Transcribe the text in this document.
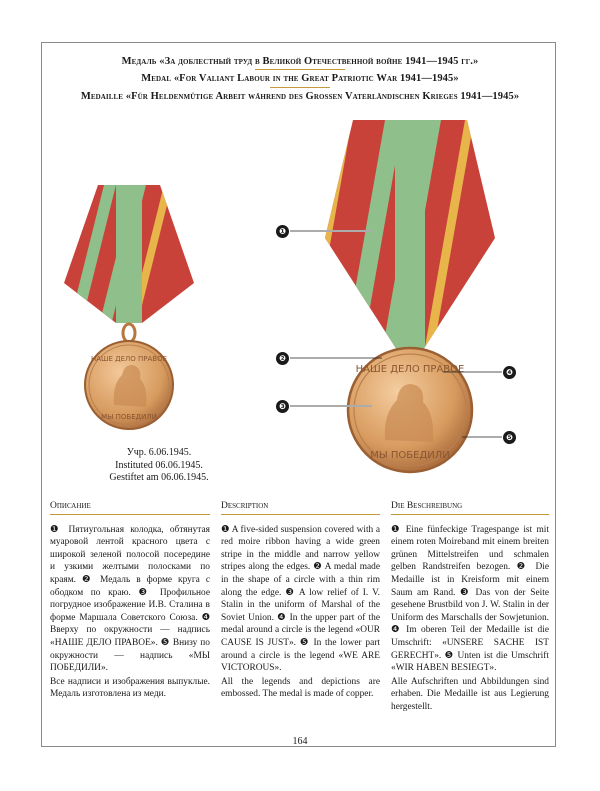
Медаль «За доблестный труд в Великой Отечественной войне 1941—1945 гг.»
Medal «For Valiant Labour in the Great Patriotic War 1941—1945»
Medaille «Für Heldenmütige Arbeit während des Grossen Vaterländischen Krieges 1941—1945»
НАШЕ ДЕЛО ПРАВОЕ
МЫ ПОБЕДИЛИ
Учр. 6.06.1945.
Instituted 06.06.1945.
Gestiftet am 06.06.1945.
НАШЕ ДЕЛО ПРАВОЕ
МЫ ПОБЕДИЛИ
❶
❷
❸
❹
❺
Описание

❶ Пятиугольная колодка, обтянутая муаровой лентой красного цвета с широкой зеленой полосой посередине и узкими желтыми полосками по краям. ❷ Медаль в форме круга с ободком по краю. ❸ Профильное погрудное изображение И.В. Сталина в форме Маршала Советского Союза. ❹ Вверху по окружности — надпись «НАШЕ ДЕЛО ПРАВОЕ». ❺ Внизу по окружности — надпись «МЫ ПОБЕДИЛИ».

Все надписи и изображения выпуклые. Медаль изготовлена из меди.

Description

❶ A five-sided suspension covered with a red moire ribbon having a wide green stripe in the middle and narrow yellow stripes along the edges. ❷ A medal made in the shape of a circle with a thin rim along the edge. ❸ A low relief of I. V. Stalin in the uniform of Marshal of the Soviet Union. ❹ In the upper part of the medal around a circle is the legend «OUR CAUSE IS JUST». ❺ In the lower part around a circle is the legend «WE ARE VICTOROUS».

All the legends and depictions are embossed. The medal is made of copper.

Die Beschreibung

❶ Eine fünfeckige Tragespange ist mit einem roten Moireband mit einem breiten grünen Mittelstreifen und schmalen gelben Randstreifen bezogen. ❷ Die Medaille ist in Kreisform mit einem Saum am Rand. ❸ Das von der Seite gesehene Brustbild von J. W. Stalin in der Uniform des Marschalls der Sowjetunion. ❹ Im oberen Teil der Medaille ist die Umschrift: «UNSERE SACHE IST GERECHT». ❺ Unten ist die Umschrift «WIR HABEN BESIEGT».

Alle Aufschriften und Abbildungen sind erhaben. Die Medaille ist aus Legierung hergestellt.

164
